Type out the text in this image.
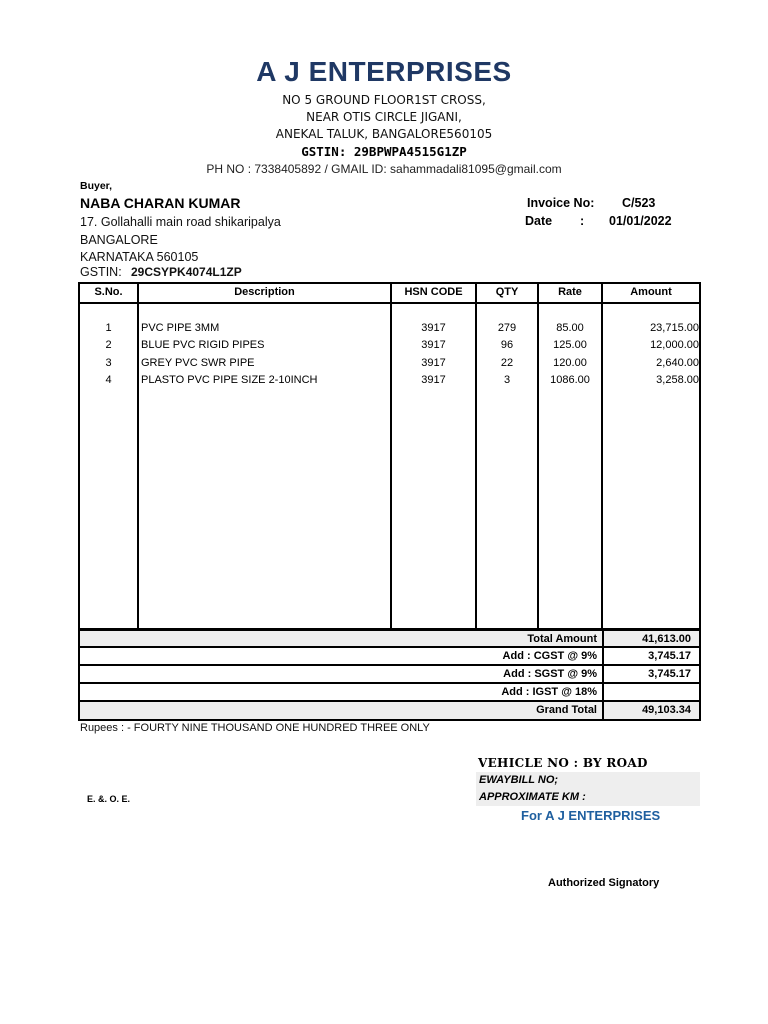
A J ENTERPRISES
NO 5 GROUND FLOOR1ST CROSS,
NEAR OTIS CIRCLE JIGANI,
ANEKAL TALUK, BANGALORE560105
GSTIN: 29BPWPA4515G1ZP
PH NO : 7338405892 / GMAIL ID: sahammadali81095@gmail.com
Buyer,
NABA CHARAN KUMAR
17. Gollahalli main road shikaripalya
BANGALORE
KARNATAKA 560105
GSTIN: 29CSYPK4074L1ZP
Invoice No: C/523
Date : 01/01/2022
S.No.	Description	HSN CODE	QTY	Rate	Amount
1	PVC PIPE 3MM	3917	279	85.00	23,715.00
2	BLUE PVC RIGID PIPES	3917	96	125.00	12,000.00
3	GREY PVC SWR PIPE	3917	22	120.00	2,640.00
4	PLASTO PVC PIPE SIZE 2-10INCH	3917	3	1086.00	3,258.00
Total Amount	41,613.00
Add : CGST @ 9%	3,745.17
Add : SGST @ 9%	3,745.17
Add : IGST @ 18%
Grand Total	49,103.34
Rupees : - FOURTY NINE THOUSAND ONE HUNDRED THREE ONLY
VEHICLE NO : BY ROAD
EWAYBILL NO;
APPROXIMATE KM :
E. &. O. E.
For A J ENTERPRISES
Authorized Signatory
